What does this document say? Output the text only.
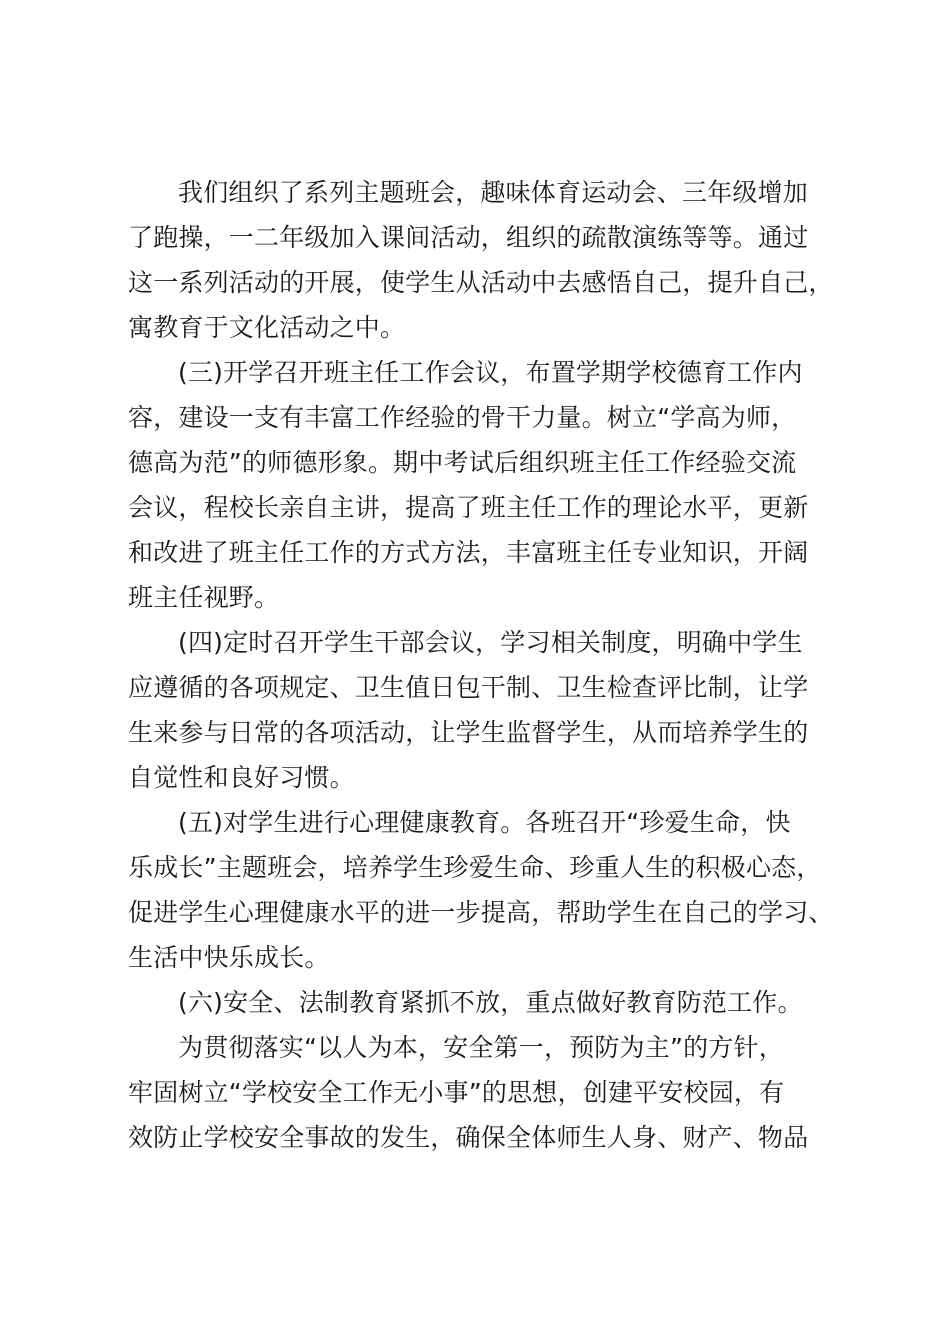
我们组织了系列主题班会，趣味体育运动会、三年级增加
了跑操，一二年级加入课间活动，组织的疏散演练等等。通过
这一系列活动的开展，使学生从活动中去感悟自己，提升自己，
寓教育于文化活动之中。
(三)开学召开班主任工作会议，布置学期学校德育工作内
容，建设一支有丰富工作经验的骨干力量。树立“学高为师，
德高为范”的师德形象。期中考试后组织班主任工作经验交流
会议，程校长亲自主讲，提高了班主任工作的理论水平，更新
和改进了班主任工作的方式方法，丰富班主任专业知识，开阔
班主任视野。
(四)定时召开学生干部会议，学习相关制度，明确中学生
应遵循的各项规定、卫生值日包干制、卫生检查评比制，让学
生来参与日常的各项活动，让学生监督学生，从而培养学生的
自觉性和良好习惯。
(五)对学生进行心理健康教育。各班召开“珍爱生命，快
乐成长”主题班会，培养学生珍爱生命、珍重人生的积极心态，
促进学生心理健康水平的进一步提高，帮助学生在自己的学习、
生活中快乐成长。
(六)安全、法制教育紧抓不放，重点做好教育防范工作。
为贯彻落实“以人为本，安全第一，预防为主”的方针，
牢固树立“学校安全工作无小事”的思想，创建平安校园，有
效防止学校安全事故的发生，确保全体师生人身、财产、物品
